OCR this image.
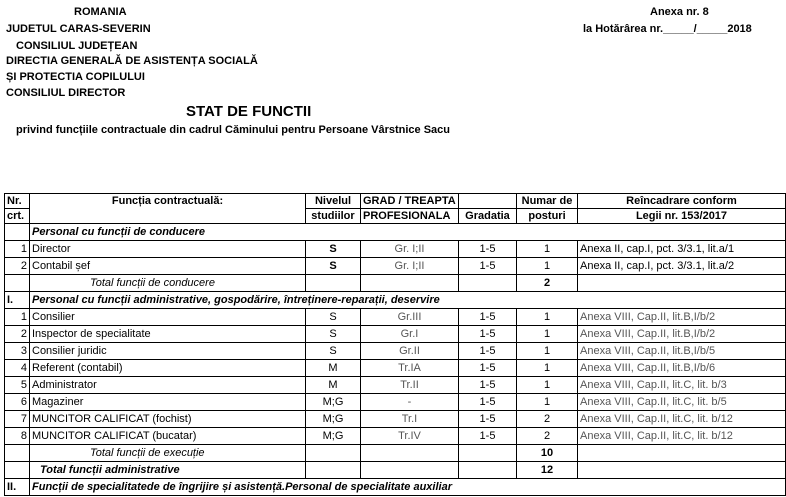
ROMANIA
JUDETUL CARAS-SEVERIN
CONSILIUL JUDEȚEAN
DIRECTIA GENERALĂ DE ASISTENȚA SOCIALĂ
ȘI PROTECTIA COPILULUI
CONSILIUL DIRECTOR
Anexa nr. 8
la Hotărârea nr._____/_____2018
STAT DE FUNCTII
privind funcțiile contractuale din cadrul Căminului pentru Persoane Vârstnice Sacu
Nr.	Funcția contractuală:	Nivelul	GRAD / TREAPTA		Numar de	Reîncadrare conform
crt.		studiilor	PROFESIONALA	Gradatia	posturi	Legii nr. 153/2017
	Personal cu funcții de conducere					
1	Director	S	Gr. I;II	1-5	1	Anexa II, cap.I, pct. 3/3.1, lit.a/1
2	Contabil șef	S	Gr. I;II	1-5	1	Anexa II, cap.I, pct. 3/3.1, lit.a/2
	Total funcții de conducere				2	
I.	Personal cu funcții administrative, gospodărire, întreținere-reparații, deservire					
1	Consilier	S	Gr.III	1-5	1	Anexa VIII, Cap.II, lit.B,I/b/2
2	Inspector de specialitate	S	Gr.I	1-5	1	Anexa VIII, Cap.II, lit.B,I/b/2
3	Consilier juridic	S	Gr.II	1-5	1	Anexa VIII, Cap.II, lit.B,I/b/5
4	Referent (contabil)	M	Tr.IA	1-5	1	Anexa VIII, Cap.II, lit.B,I/b/6
5	Administrator	M	Tr.II	1-5	1	Anexa VIII, Cap.II, lit.C, lit. b/3
6	Magaziner	M;G	-	1-5	1	Anexa VIII, Cap.II, lit.C, lit. b/5
7	MUNCITOR CALIFICAT (fochist)	M;G	Tr.I	1-5	2	Anexa VIII, Cap.II, lit.C, lit. b/12
8	MUNCITOR CALIFICAT (bucatar)	M;G	Tr.IV	1-5	2	Anexa VIII, Cap.II, lit.C, lit. b/12
	Total funcții de execuție				10	
	Total funcții administrative				12	
II.	Funcții de specialitatede de îngrijire și asistență.Personal de specialitate auxiliar					
